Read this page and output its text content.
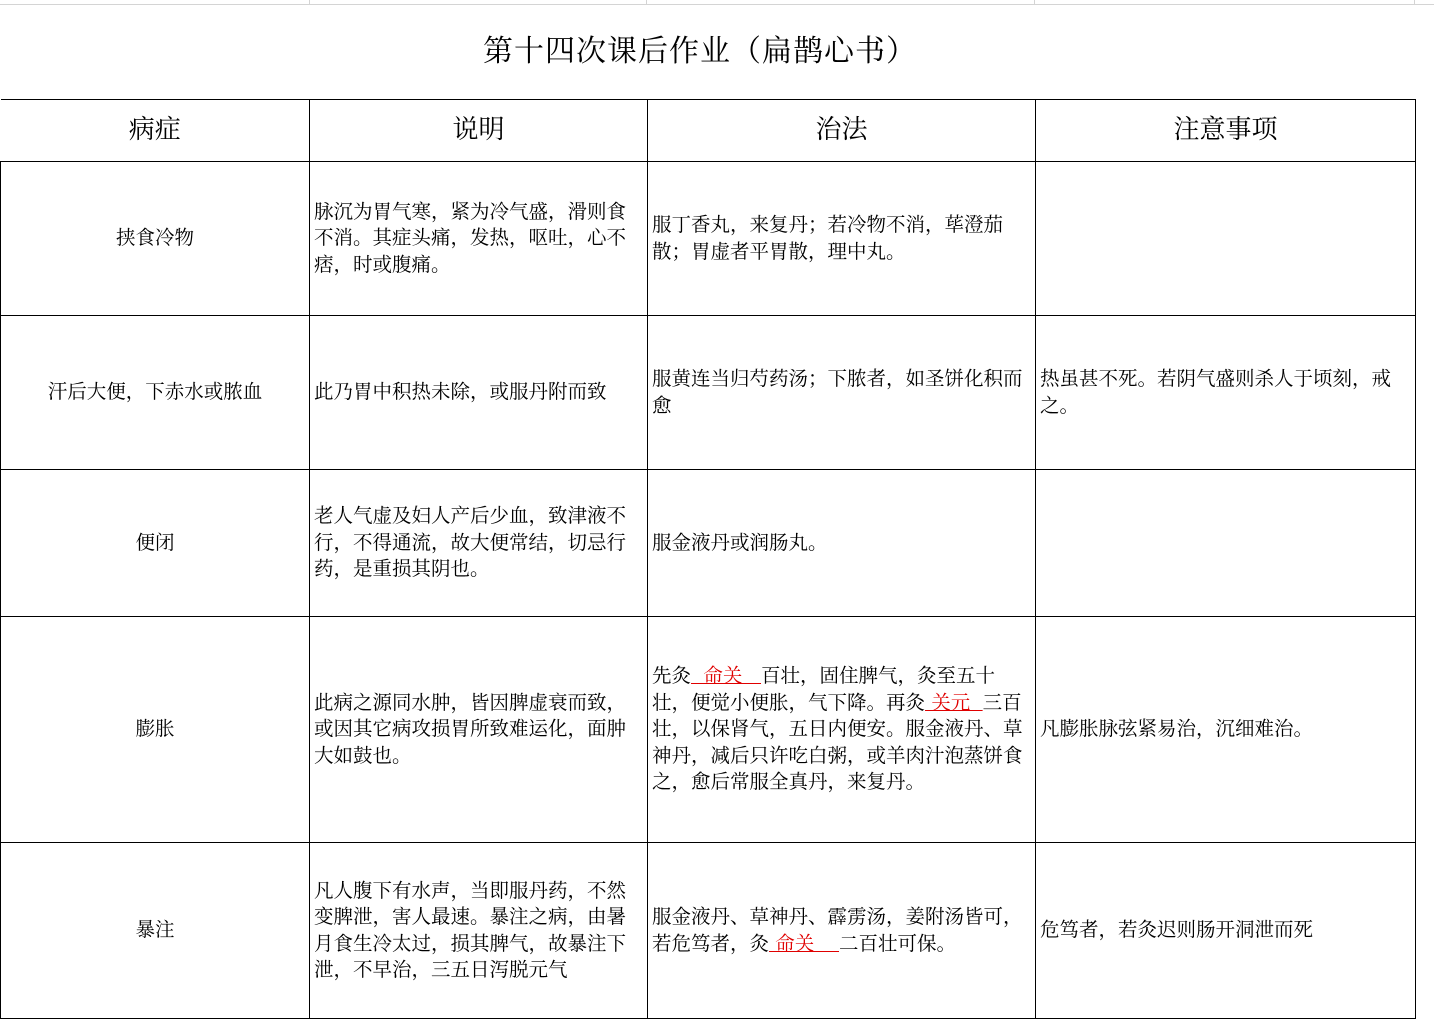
第十四次课后作业（扁鹊心书）
病症	说明	治法	注意事项
挟食冷物	脉沉为胃气寒，紧为冷气盛，滑则食不消。其症头痛，发热，呕吐，心不痞，时或腹痛。	服丁香丸，来复丹；若冷物不消，荜澄茄散；胃虚者平胃散，理中丸。	
汗后大便，下赤水或脓血	此乃胃中积热未除，或服丹附而致	服黄连当归芍药汤；下脓者，如圣饼化积而愈	热虽甚不死。若阴气盛则杀人于顷刻，戒之。
便闭	老人气虚及妇人产后少血，致津液不行，不得通流，故大便常结，切忌行药，是重损其阴也。	服金液丹或润肠丸。	
膨胀	此病之源同水肿，皆因脾虚衰而致，或因其它病攻损胃所致难运化，面肿大如鼓也。	先灸  命关   百壮，固住脾气，灸至五十壮，便觉小便胀，气下降。再灸 关元  三百壮，以保肾气，五日内便安。服金液丹、草神丹，减后只许吃白粥，或羊肉汁泡蒸饼食之，愈后常服全真丹，来复丹。	凡膨胀脉弦紧易治，沉细难治。
暴注	凡人腹下有水声，当即服丹药，不然变脾泄，害人最速。暴注之病，由暑月食生冷太过，损其脾气，故暴注下泄，不早治，三五日泻脱元气	服金液丹、草神丹、霹雳汤，姜附汤皆可，若危笃者，灸 命关    二百壮可保。	危笃者，若灸迟则肠开洞泄而死
